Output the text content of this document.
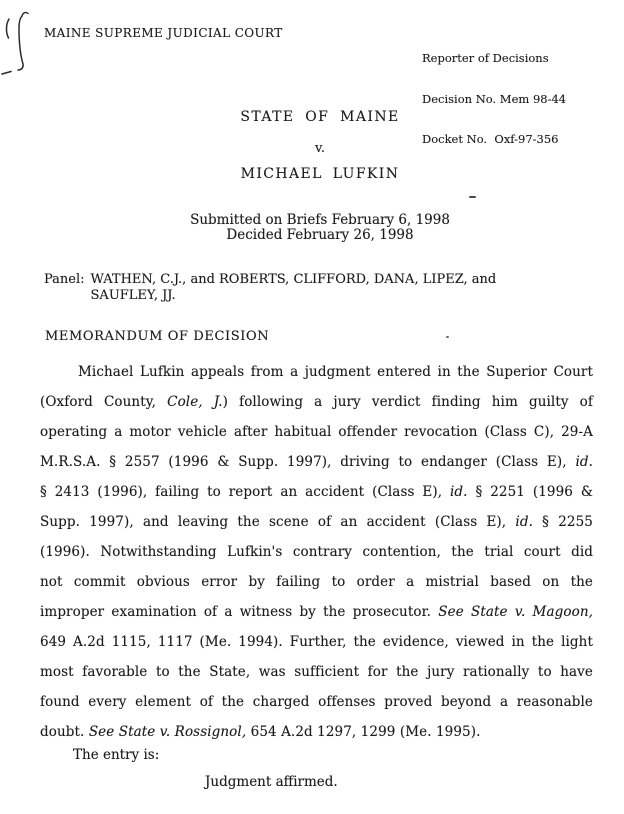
MAINE SUPREME JUDICIAL COURT

Reporter of Decisions

Decision No. Mem 98-44

Docket No.  Oxf-97-356

STATE OF MAINE
v.
MICHAEL LUFKIN
Submitted on Briefs February 6, 1998
Decided February 26, 1998
Panel: WATHEN, C.J., and ROBERTS, CLIFFORD, DANA, LIPEZ, and
SAUFLEY, JJ.
MEMORANDUM OF DECISION
Michael Lufkin appeals from a judgment entered in the Superior Court
(Oxford County, Cole, J.) following a jury verdict finding him guilty of
operating a motor vehicle after habitual offender revocation (Class C), 29-A
M.R.S.A. § 2557 (1996 & Supp. 1997), driving to endanger (Class E), id.
§ 2413 (1996), failing to report an accident (Class E), id. § 2251 (1996 &
Supp. 1997), and leaving the scene of an accident (Class E), id. § 2255
(1996). Notwithstanding Lufkin's contrary contention, the trial court did
not commit obvious error by failing to order a mistrial based on the
improper examination of a witness by the prosecutor. See State v. Magoon,
649 A.2d 1115, 1117 (Me. 1994). Further, the evidence, viewed in the light
most favorable to the State, was sufficient for the jury rationally to have
found every element of the charged offenses proved beyond a reasonable
doubt. See State v. Rossignol, 654 A.2d 1297, 1299 (Me. 1995).
The entry is:
Judgment affirmed.
